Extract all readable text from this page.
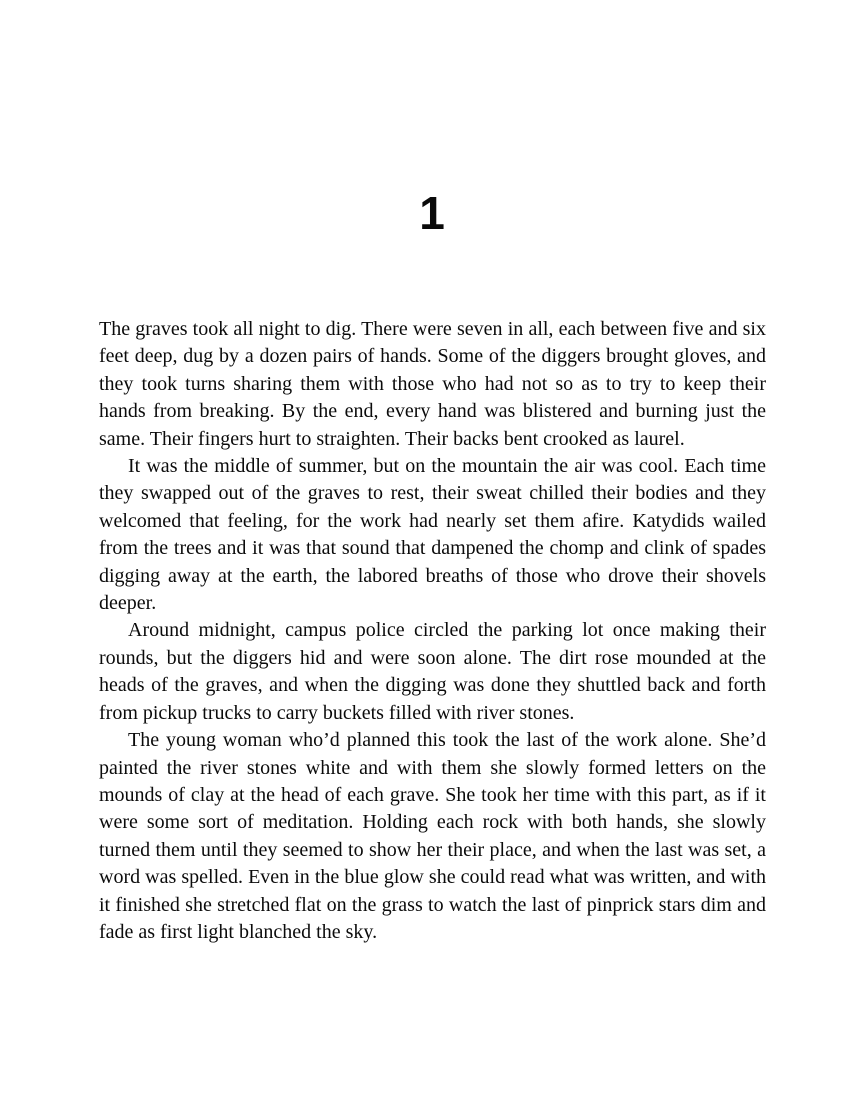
1

The graves took all night to dig. There were seven in all, each between five and six feet deep, dug by a dozen pairs of hands. Some of the diggers brought gloves, and they took turns sharing them with those who had not so as to try to keep their hands from breaking. By the end, every hand was blistered and burning just the same. Their fingers hurt to straighten. Their backs bent crooked as laurel.

It was the middle of summer, but on the mountain the air was cool. Each time they swapped out of the graves to rest, their sweat chilled their bodies and they welcomed that feeling, for the work had nearly set them afire. Katydids wailed from the trees and it was that sound that dampened the chomp and clink of spades digging away at the earth, the labored breaths of those who drove their shovels deeper.

Around midnight, campus police circled the parking lot once making their rounds, but the diggers hid and were soon alone. The dirt rose mounded at the heads of the graves, and when the digging was done they shuttled back and forth from pickup trucks to carry buckets filled with river stones.

The young woman who’d planned this took the last of the work alone. She’d painted the river stones white and with them she slowly formed letters on the mounds of clay at the head of each grave. She took her time with this part, as if it were some sort of meditation. Holding each rock with both hands, she slowly turned them until they seemed to show her their place, and when the last was set, a word was spelled. Even in the blue glow she could read what was written, and with it finished she stretched flat on the grass to watch the last of pinprick stars dim and fade as first light blanched the sky.
